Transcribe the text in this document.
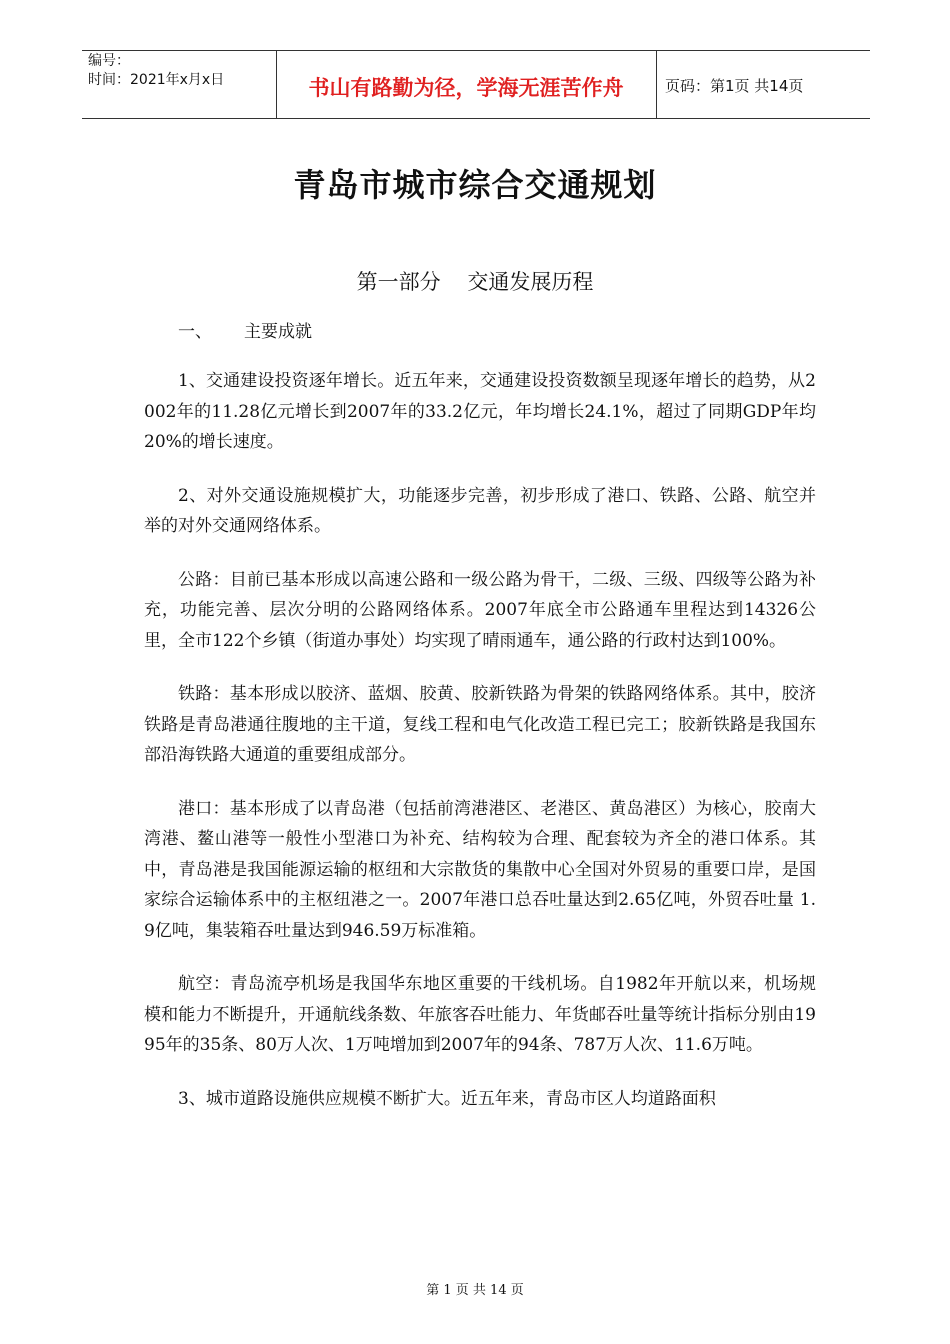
编号：
时间：2021年x月x日	书山有路勤为径，学海无涯苦作舟	页码：第1页 共14页
青岛市城市综合交通规划
第一部分    交通发展历程
一、 主要成就

1、交通建设投资逐年增长。近五年来，交通建设投资数额呈现逐年增长的趋势，从2002年的11.28亿元增长到2007年的33.2亿元，年均增长24.1%，超过了同期GDP年均20%的增长速度。

2、对外交通设施规模扩大，功能逐步完善，初步形成了港口、铁路、公路、航空并举的对外交通网络体系。

公路：目前已基本形成以高速公路和一级公路为骨干，二级、三级、四级等公路为补充，功能完善、层次分明的公路网络体系。2007年底全市公路通车里程达到14326公里，全市122个乡镇（街道办事处）均实现了晴雨通车，通公路的行政村达到100%。

铁路：基本形成以胶济、蓝烟、胶黄、胶新铁路为骨架的铁路网络体系。其中，胶济铁路是青岛港通往腹地的主干道，复线工程和电气化改造工程已完工；胶新铁路是我国东部沿海铁路大通道的重要组成部分。

港口：基本形成了以青岛港（包括前湾港港区、老港区、黄岛港区）为核心，胶南大湾港、鳌山港等一般性小型港口为补充、结构较为合理、配套较为齐全的港口体系。其中，青岛港是我国能源运输的枢纽和大宗散货的集散中心全国对外贸易的重要口岸，是国家综合运输体系中的主枢纽港之一。2007年港口总吞吐量达到2.65亿吨，外贸吞吐量 1.9亿吨，集装箱吞吐量达到946.59万标准箱。

航空：青岛流亭机场是我国华东地区重要的干线机场。自1982年开航以来，机场规模和能力不断提升，开通航线条数、年旅客吞吐能力、年货邮吞吐量等统计指标分别由1995年的35条、80万人次、1万吨增加到2007年的94条、787万人次、11.6万吨。

3、城市道路设施供应规模不断扩大。近五年来，青岛市区人均道路面积

第 1 页 共 14 页
